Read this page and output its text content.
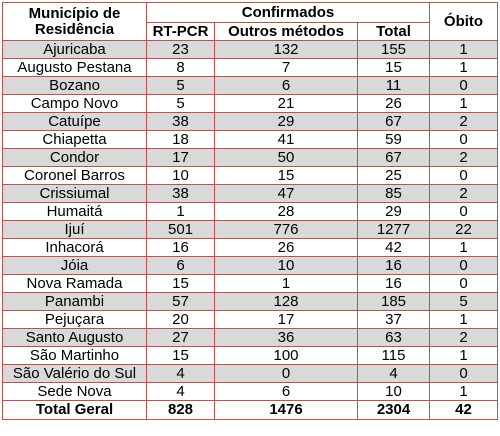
Município de Residência	Confirmados			Óbito
	RT-PCR	Outros métodos	Total	
Ajuricaba	23	132	155	1
Augusto Pestana	8	7	15	1
Bozano	5	6	11	0
Campo Novo	5	21	26	1
Catuípe	38	29	67	2
Chiapetta	18	41	59	0
Condor	17	50	67	2
Coronel Barros	10	15	25	0
Crissiumal	38	47	85	2
Humaitá	1	28	29	0
Ijuí	501	776	1277	22
Inhacorá	16	26	42	1
Jóia	6	10	16	0
Nova Ramada	15	1	16	0
Panambi	57	128	185	5
Pejuçara	20	17	37	1
Santo Augusto	27	36	63	2
São Martinho	15	100	115	1
São Valério do Sul	4	0	4	0
Sede Nova	4	6	10	1
Total Geral	828	1476	2304	42
